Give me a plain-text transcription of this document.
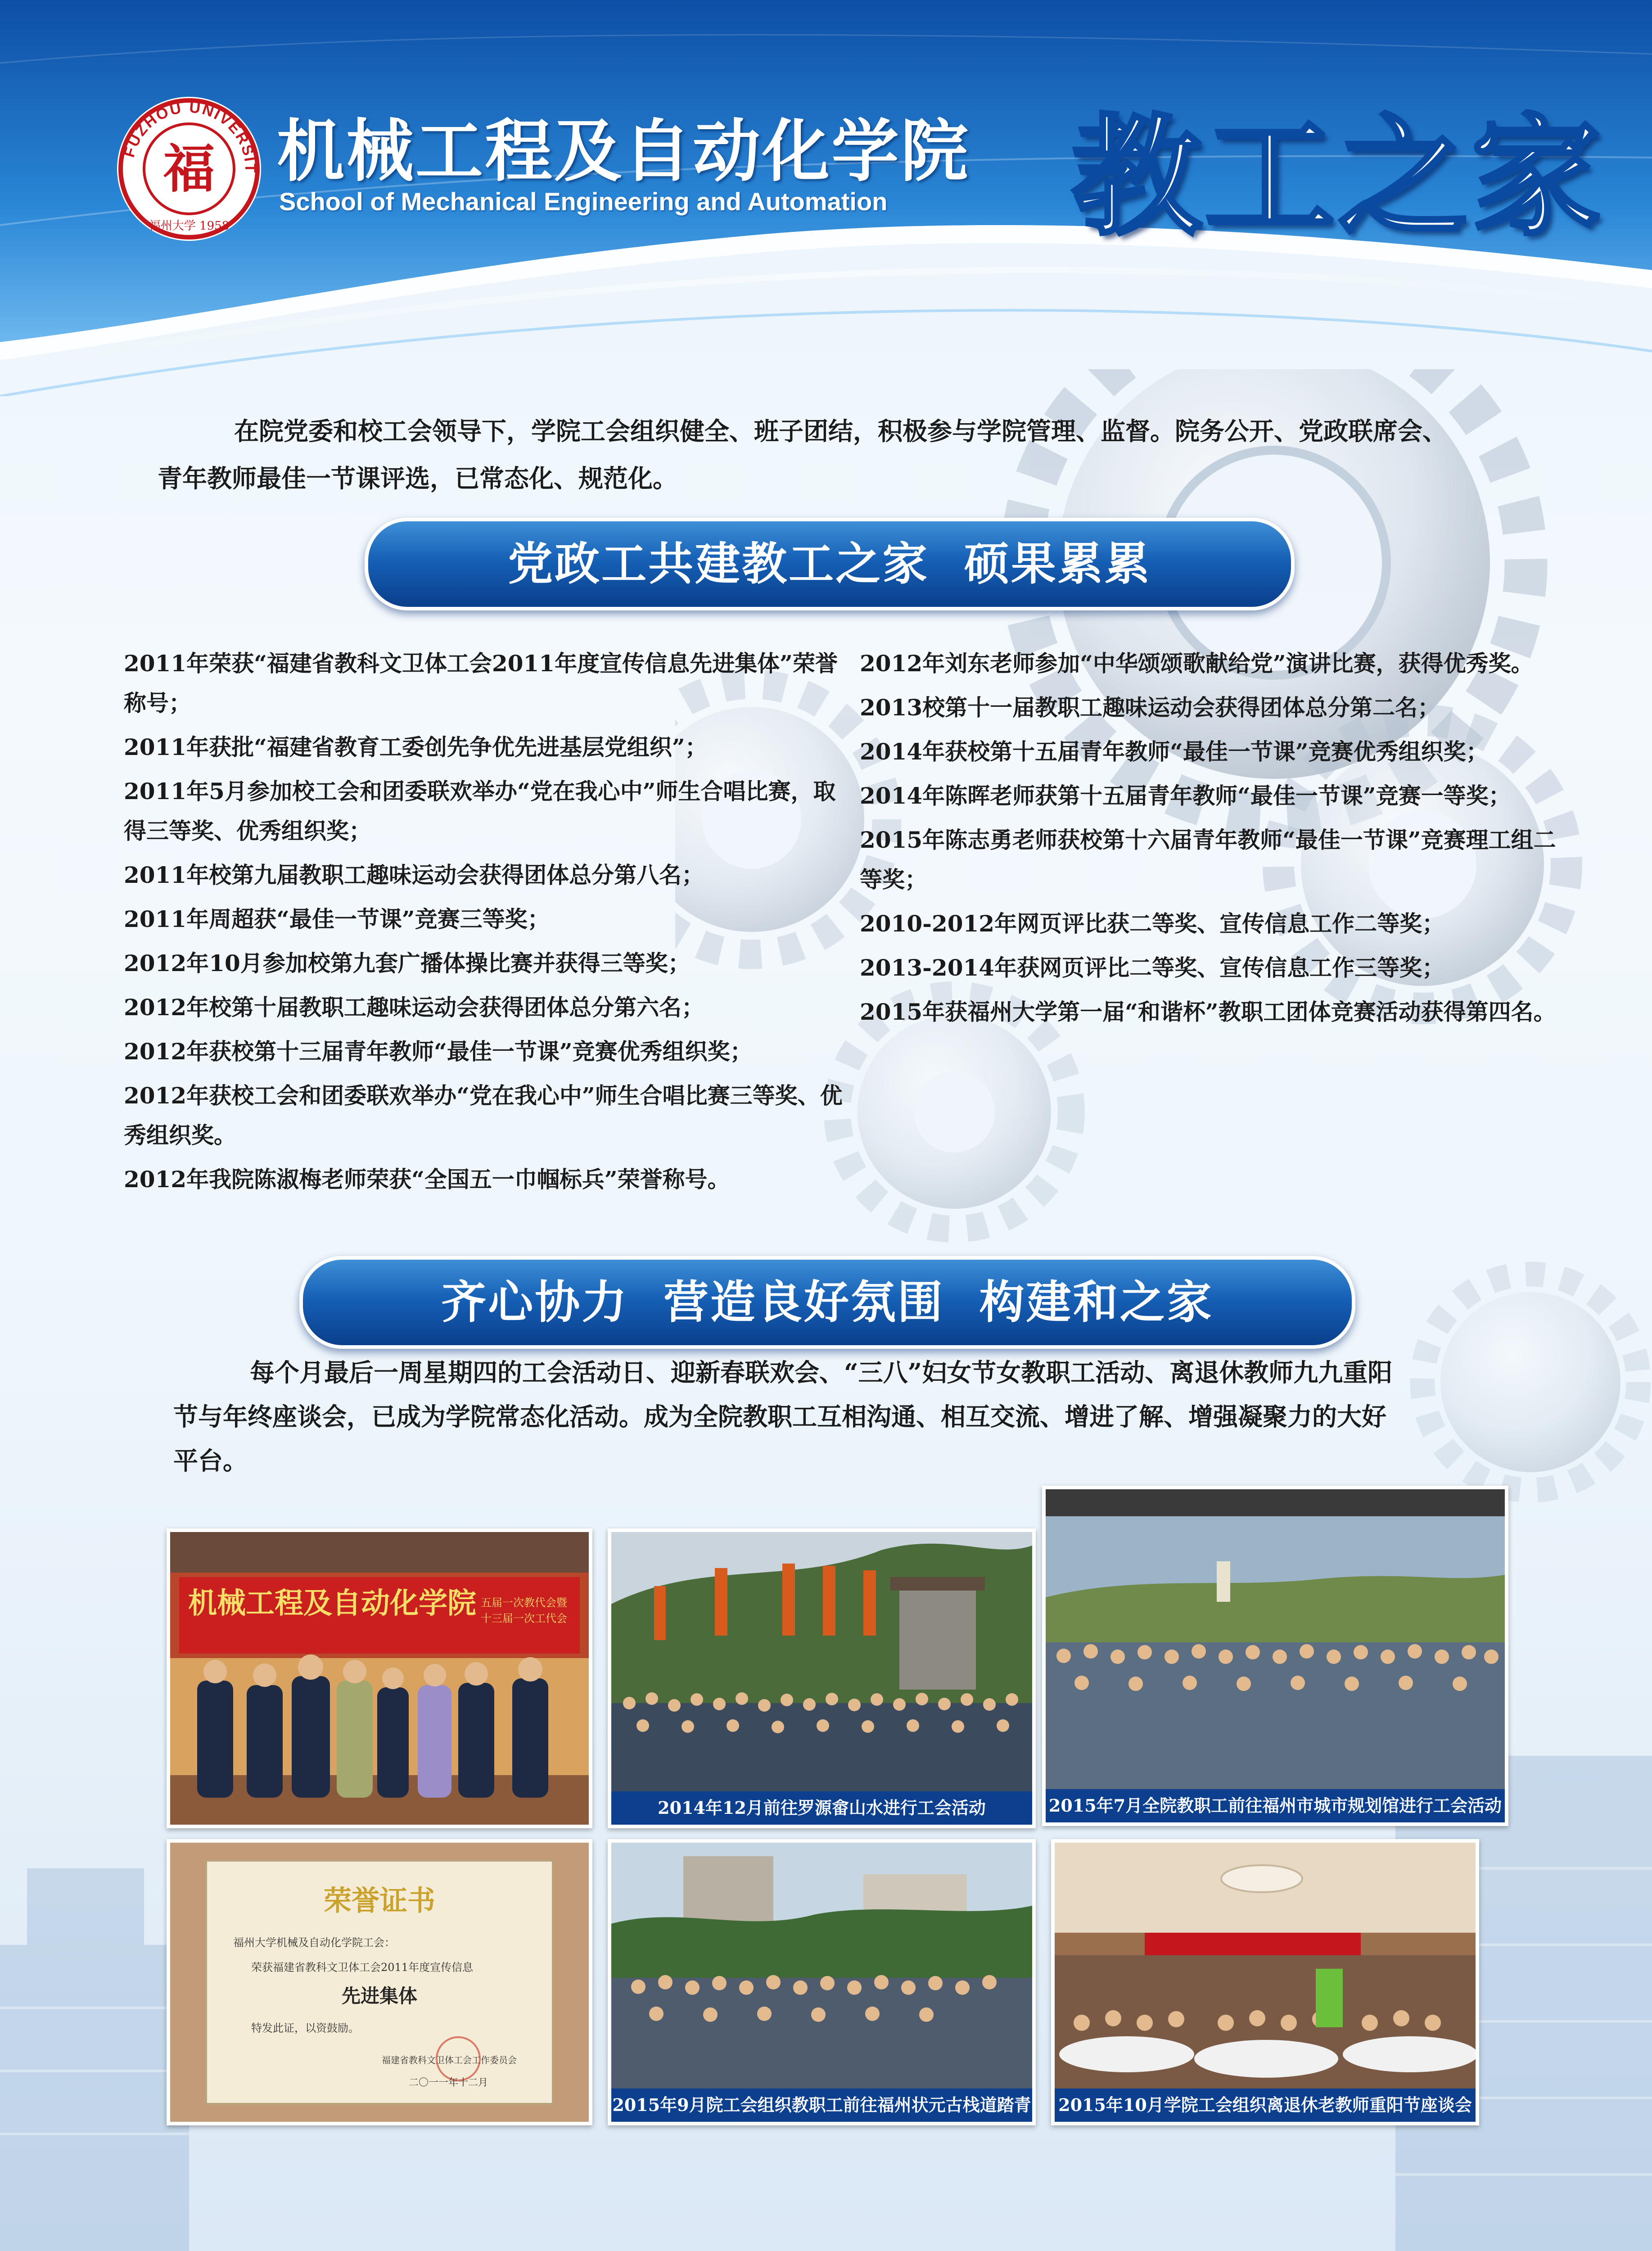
FUZHOU UNIVERSIT
福
福州大学 1958
机械工程及自动化学院
School of Mechanical Engineering and Automation 教工之家
在院党委和校工会领导下，学院工会组织健全、班子团结，积极参与学院管理、监督。院务公开、党政联席会、青年教师最佳一节课评选，已常态化、规范化。
党政工共建教工之家  硕果累累
2011年荣获“福建省教科文卫体工会2011年度宣传信息先进集体”荣誉称号；
2011年获批“福建省教育工委创先争优先进基层党组织”；
2011年5月参加校工会和团委联欢举办“党在我心中”师生合唱比赛，取得三等奖、优秀组织奖；
2011年校第九届教职工趣味运动会获得团体总分第八名；
2011年周超获“最佳一节课”竞赛三等奖；
2012年10月参加校第九套广播体操比赛并获得三等奖；
2012年校第十届教职工趣味运动会获得团体总分第六名；
2012年获校第十三届青年教师“最佳一节课”竞赛优秀组织奖；
2012年获校工会和团委联欢举办“党在我心中”师生合唱比赛三等奖、优秀组织奖。
2012年我院陈淑梅老师荣获“全国五一巾帼标兵”荣誉称号。
2012年刘东老师参加“中华颂颂歌献给党”演讲比赛，获得优秀奖。
2013校第十一届教职工趣味运动会获得团体总分第二名；
2014年获校第十五届青年教师“最佳一节课”竞赛优秀组织奖；
2014年陈晖老师获第十五届青年教师“最佳一节课”竞赛一等奖；
2015年陈志勇老师获校第十六届青年教师“最佳一节课”竞赛理工组二等奖；
2010-2012年网页评比获二等奖、宣传信息工作二等奖；
2013-2014年获网页评比二等奖、宣传信息工作三等奖；
2015年获福州大学第一届“和谐杯”教职工团体竞赛活动获得第四名。
齐心协力  营造良好氛围  构建和之家
每个月最后一周星期四的工会活动日、迎新春联欢会、“三八”妇女节女教职工活动、离退休教师九九重阳节与年终座谈会，已成为学院常态化活动。成为全院教职工互相沟通、相互交流、增进了解、增强凝聚力的大好平台。
机械工程及自动化学院 五届一次教代会暨
十三届一次工代会
2014年12月前往罗源畲山水进行工会活动	2015年7月全院教职工前往福州市城市规划馆进行工会活动
荣誉证书
福州大学机械及自动化学院工会：
荣获福建省教科文卫体工会2011年度宣传信息
先进集体
特发此证，以资鼓励。
福建省教科文卫体工会工作委员会
二〇一一年十二月
2015年9月院工会组织教职工前往福州状元古栈道踏青 2015年10月学院工会组织离退休老教师重阳节座谈会
